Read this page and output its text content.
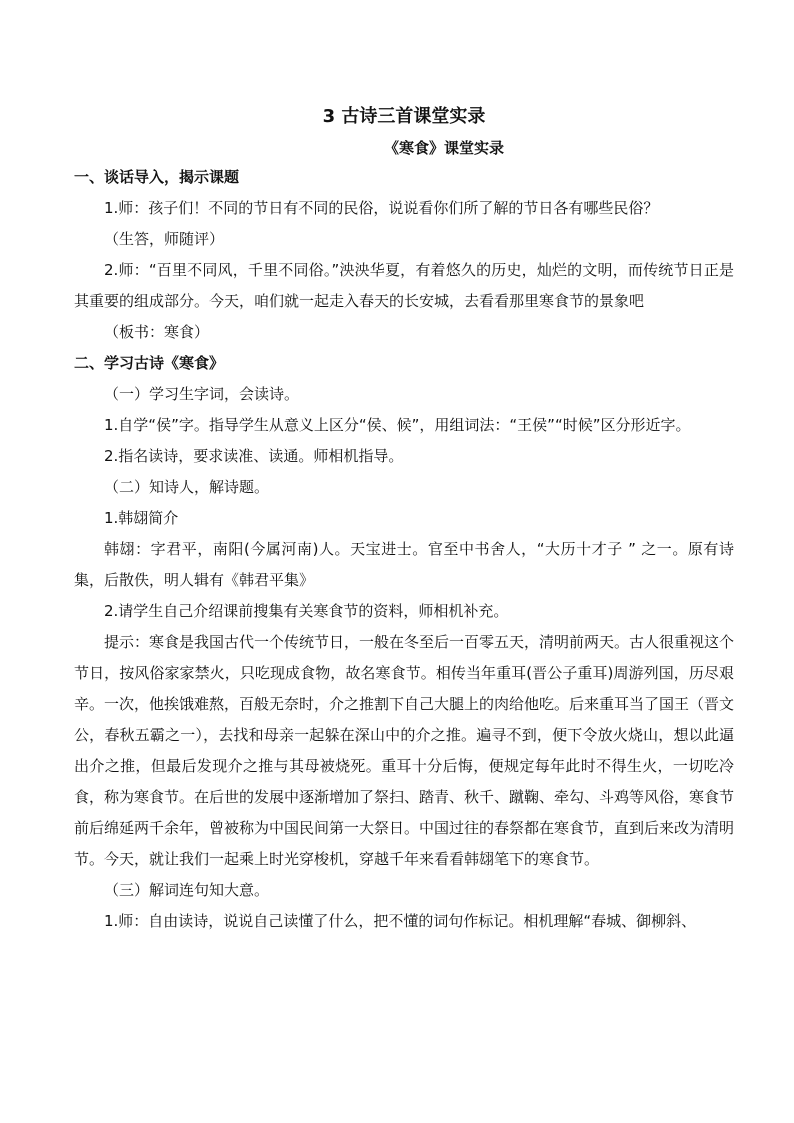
3 古诗三首课堂实录
《寒食》课堂实录
一、谈话导入，揭示课题

1.师：孩子们！不同的节日有不同的民俗，说说看你们所了解的节日各有哪些民俗？

（生答，师随评）

2.师：“百里不同风，千里不同俗。”泱泱华夏，有着悠久的历史，灿烂的文明，而传统节日正是其重要的组成部分。今天，咱们就一起走入春天的长安城，去看看那里寒食节的景象吧

（板书：寒食）

二、学习古诗《寒食》

（一）学习生字词，会读诗。

1.自学“侯”字。指导学生从意义上区分“侯、候”，用组词法：“王侯”“时候”区分形近字。

2.指名读诗，要求读准、读通。师相机指导。

（二）知诗人，解诗题。

1.韩翃简介

韩翃：字君平，南阳(今属河南)人。天宝进士。官至中书舍人，“大历十才子 ” 之一。原有诗集，后散佚，明人辑有《韩君平集》

2.请学生自己介绍课前搜集有关寒食节的资料，师相机补充。

提示：寒食是我国古代一个传统节日，一般在冬至后一百零五天，清明前两天。古人很重视这个节日，按风俗家家禁火，只吃现成食物，故名寒食节。相传当年重耳(晋公子重耳)周游列国，历尽艰辛。一次，他挨饿难熬，百般无奈时，介之推割下自己大腿上的肉给他吃。后来重耳当了国王（晋文公，春秋五霸之一），去找和母亲一起躲在深山中的介之推。遍寻不到，便下令放火烧山，想以此逼出介之推，但最后发现介之推与其母被烧死。重耳十分后悔，便规定每年此时不得生火，一切吃冷食，称为寒食节。在后世的发展中逐渐增加了祭扫、踏青、秋千、蹴鞠、牵勾、斗鸡等风俗，寒食节前后绵延两千余年，曾被称为中国民间第一大祭日。中国过往的春祭都在寒食节，直到后来改为清明节。今天，就让我们一起乘上时光穿梭机，穿越千年来看看韩翃笔下的寒食节。

（三）解词连句知大意。

1.师：自由读诗，说说自己读懂了什么，把不懂的词句作标记。相机理解“春城、御柳斜、
